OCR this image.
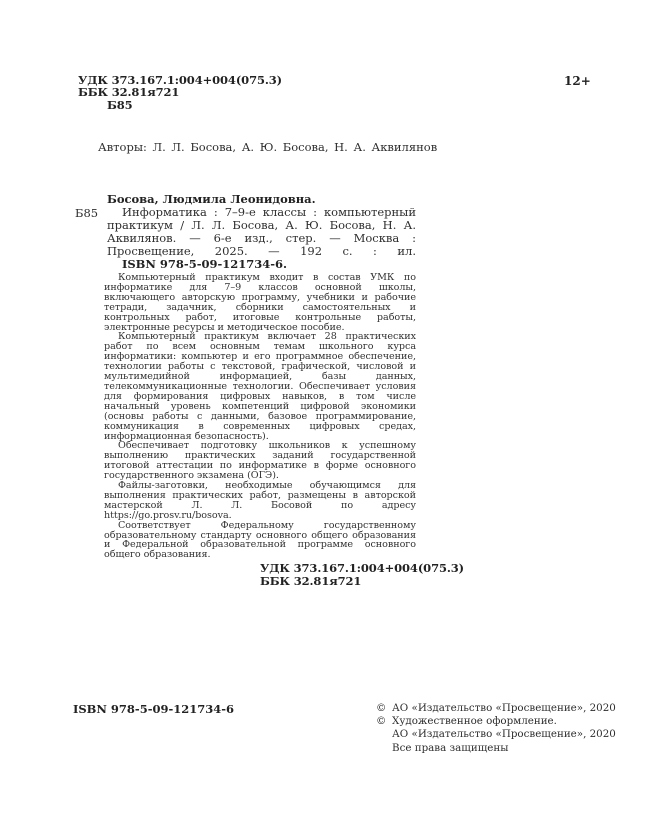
УДК 373.167.1:004+004(075.3)
ББК 32.81я721
Б85
12+
Авторы: Л. Л. Босова, А. Ю. Босова, Н. А. Аквилянов

Босова, Людмила Леонидовна.

Б85	Информатика : 7–9-е классы : компьютерный практикум / Л. Л. Босова, А. Ю. Босова, Н. А. Аквилянов. — 6-е изд., стер. — Москва : Просвещение, 2025. — 192 с. : ил.

ISBN 978-5-09-121734-6.

Компьютерный практикум входит в состав УМК по информатике для 7–9 классов основной школы, включающего авторскую программу, учебники и рабочие тетради, задачник, сборники самостоятельных и контрольных работ, итоговые контрольные работы, электронные ресурсы и методическое пособие.

Компьютерный практикум включает 28 практических работ по всем основным темам школьного курса информатики: компьютер и его программное обеспечение, технологии работы с текстовой, графической, числовой и мультимедийной информацией, базы данных, телекоммуникационные технологии. Обеспечивает условия для формирования цифровых навыков, в том числе начальный уровень компетенций цифровой экономики (основы работы с данными, базовое программирование, коммуникация в современных цифровых средах, информационная безопасность).

Обеспечивает подготовку школьников к успешному выполнению практических заданий государственной итоговой аттестации по информатике в форме основного государственного экзамена (ОГЭ).

Файлы-заготовки, необходимые обучающимся для выполнения практических работ, размещены в авторской мастерской Л. Л. Босовой по адресу https://go.prosv.ru/bosova.

Соответствует Федеральному государственному образовательному стандарту основного общего образования и Федеральной образовательной программе основного общего образования.

УДК 373.167.1:004+004(075.3)
ББК 32.81я721
ISBN 978-5-09-121734-6	© АО «Издательство «Просвещение», 2020
© Художественное оформление.
АО «Издательство «Просвещение», 2020
Все права защищены
